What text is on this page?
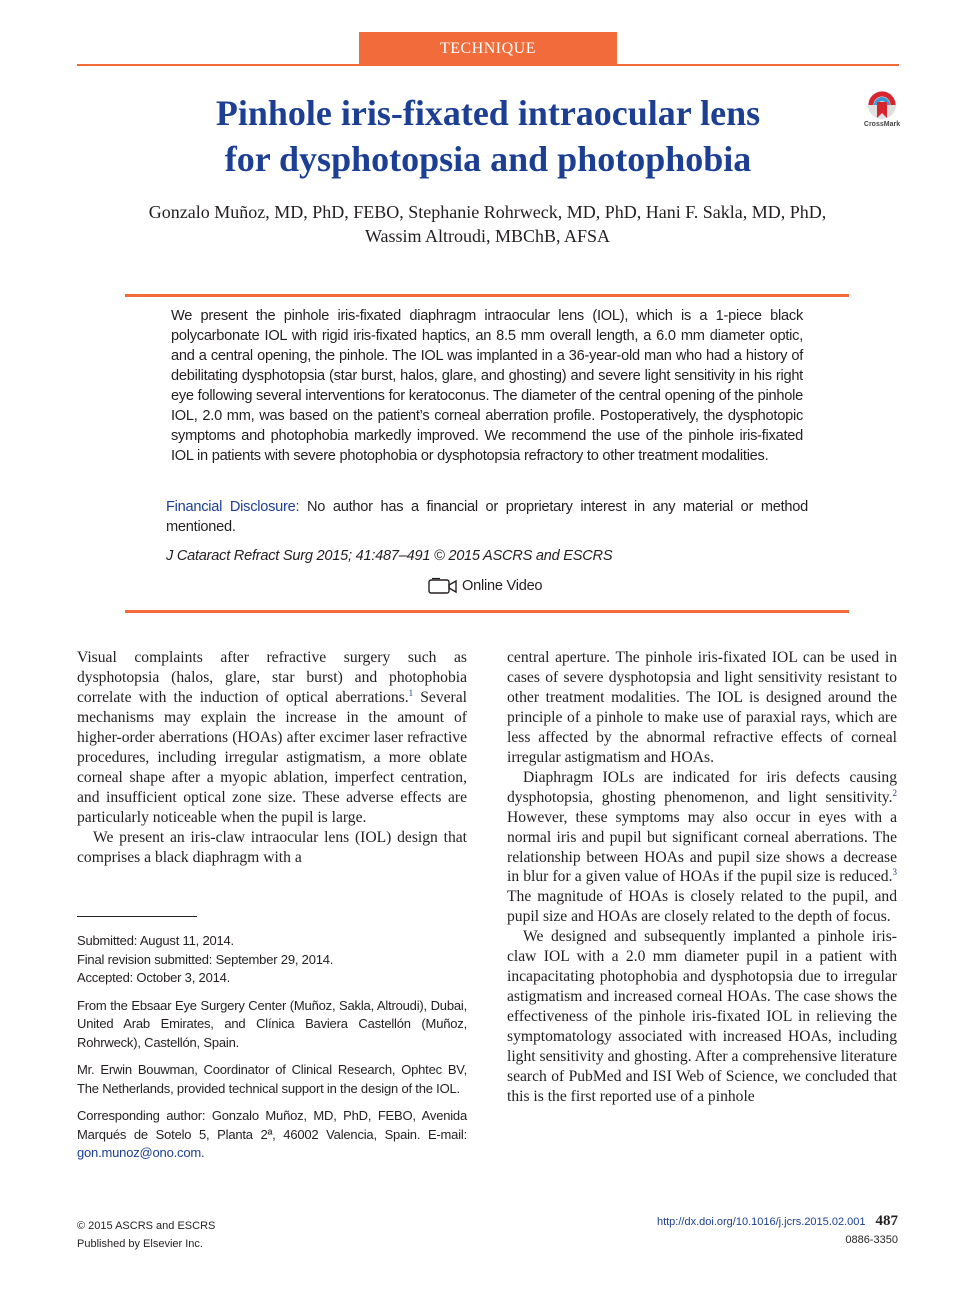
TECHNIQUE
Pinhole iris-fixated intraocular lens
for dysphotopsia and photophobia
CrossMark
Gonzalo Muñoz, MD, PhD, FEBO, Stephanie Rohrweck, MD, PhD, Hani F. Sakla, MD, PhD,
Wassim Altroudi, MBChB, AFSA
We present the pinhole iris-fixated diaphragm intraocular lens (IOL), which is a 1-piece black polycarbonate IOL with rigid iris-fixated haptics, an 8.5 mm overall length, a 6.0 mm diameter optic, and a central opening, the pinhole. The IOL was implanted in a 36-year-old man who had a history of debilitating dysphotopsia (star burst, halos, glare, and ghosting) and severe light sensitivity in his right eye following several interventions for keratoconus. The diameter of the central opening of the pinhole IOL, 2.0 mm, was based on the patient’s corneal aberration profile. Postoperatively, the dysphotopic symptoms and photophobia markedly improved. We recommend the use of the pinhole iris-fixated IOL in patients with severe photophobia or dysphotopsia refractory to other treatment modalities.
Financial Disclosure: No author has a financial or proprietary interest in any material or method mentioned.
J Cataract Refract Surg 2015; 41:487–491 © 2015 ASCRS and ESCRS
Online Video

Visual complaints after refractive surgery such as dysphotopsia (halos, glare, star burst) and photophobia correlate with the induction of optical aberrations.$^1$ Several mechanisms may explain the increase in the amount of higher-order aberrations (HOAs) after excimer laser refractive procedures, including irregular astigmatism, a more oblate corneal shape after a myopic ablation, imperfect centration, and insufficient optical zone size. These adverse effects are particularly noticeable when the pupil is large.

We present an iris-claw intraocular lens (IOL) design that comprises a black diaphragm with a

central aperture. The pinhole iris-fixated IOL can be used in cases of severe dysphotopsia and light sensitivity resistant to other treatment modalities. The IOL is designed around the principle of a pinhole to make use of paraxial rays, which are less affected by the abnormal refractive effects of corneal irregular astigmatism and HOAs.

Diaphragm IOLs are indicated for iris defects causing dysphotopsia, ghosting phenomenon, and light sensitivity.$^2$ However, these symptoms may also occur in eyes with a normal iris and pupil but significant corneal aberrations. The relationship between HOAs and pupil size shows a decrease in blur for a given value of HOAs if the pupil size is reduced.$^3$ The magnitude of HOAs is closely related to the pupil, and pupil size and HOAs are closely related to the depth of focus.

We designed and subsequently implanted a pinhole iris-claw IOL with a 2.0 mm diameter pupil in a patient with incapacitating photophobia and dysphotopsia due to irregular astigmatism and increased corneal HOAs. The case shows the effectiveness of the pinhole iris-fixated IOL in relieving the symptomatology associated with increased HOAs, including light sensitivity and ghosting. After a comprehensive literature search of PubMed and ISI Web of Science, we concluded that this is the first reported use of a pinhole

Submitted: August 11, 2014.
Final revision submitted: September 29, 2014.
Accepted: October 3, 2014.

From the Ebsaar Eye Surgery Center (Muñoz, Sakla, Altroudi), Dubai, United Arab Emirates, and Clínica Baviera Castellón (Muñoz, Rohrweck), Castellón, Spain.

Mr. Erwin Bouwman, Coordinator of Clinical Research, Ophtec BV, The Netherlands, provided technical support in the design of the IOL.

Corresponding author: Gonzalo Muñoz, MD, PhD, FEBO, Avenida Marqués de Sotelo 5, Planta 2ª, 46002 Valencia, Spain. E-mail: gon.munoz@ono.com.

© 2015 ASCRS and ESCRS
Published by Elsevier Inc.
http://dx.doi.org/10.1016/j.jcrs.2015.02.001 487
0886-3350
